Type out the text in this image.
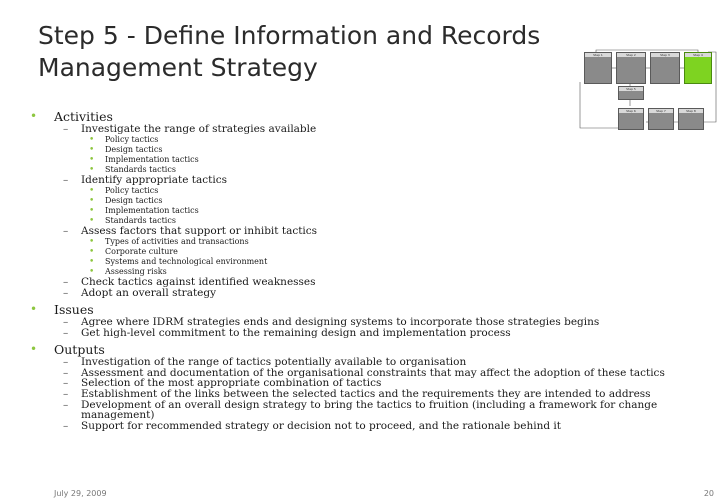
Step 5 - Define Information and Records
Management Strategy	Step 1	Step 2	Step 3	Step 4
Step 5
Step 6	Step 7	Step 8
• Activities
– Investigate the range of strategies available
• Policy tactics
• Design tactics
• Implementation tactics
• Standards tactics
– Identify appropriate tactics
• Policy tactics
• Design tactics
• Implementation tactics
• Standards tactics
– Assess factors that support or inhibit tactics
• Types of activities and transactions
• Corporate culture
• Systems and technological environment
• Assessing risks
– Check tactics against identified weaknesses
– Adopt an overall strategy
• Issues
– Agree where IDRM strategies ends and designing systems to incorporate those strategies begins
– Get high-level commitment to the remaining design and implementation process
• Outputs
– Investigation of the range of tactics potentially available to organisation
– Assessment and documentation of the organisational constraints that may affect the adoption of these tactics
– Selection of the most appropriate combination of tactics
– Establishment of the links between the selected tactics and the requirements they are intended to address
– Development of an overall design strategy to bring the tactics to fruition (including a framework for change management)
– Support for recommended strategy or decision not to proceed, and the rationale behind it
July 29, 2009	20
